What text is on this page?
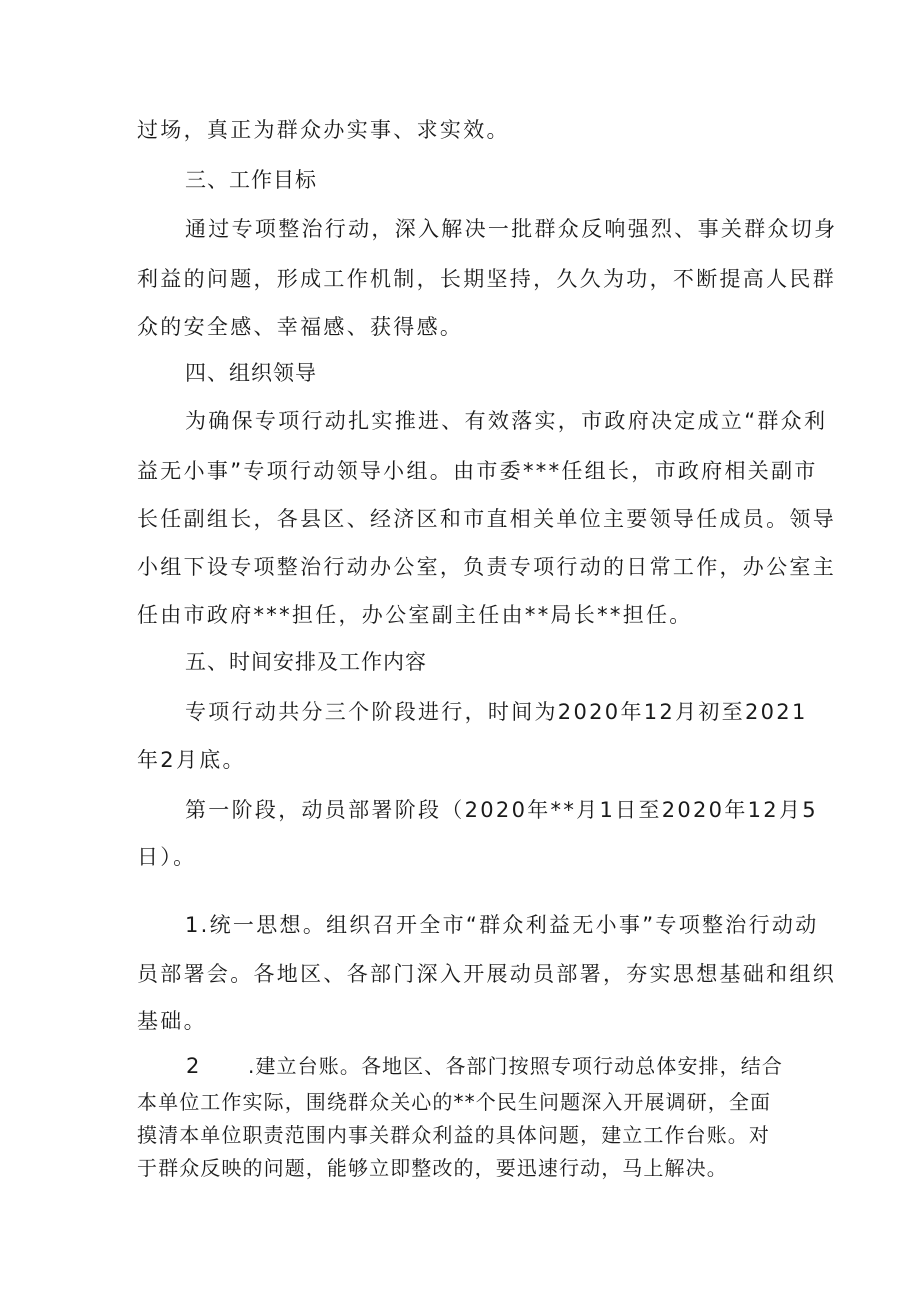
过场，真正为群众办实事、求实效。
三、工作目标
通过专项整治行动，深入解决一批群众反响强烈、事关群众切身
利益的问题，形成工作机制，长期坚持，久久为功，不断提高人民群
众的安全感、幸福感、获得感。
四、组织领导
为确保专项行动扎实推进、有效落实，市政府决定成立“群众利
益无小事”专项行动领导小组。由市委***任组长，市政府相关副市
长任副组长，各县区、经济区和市直相关单位主要领导任成员。领导
小组下设专项整治行动办公室，负责专项行动的日常工作，办公室主
任由市政府***担任，办公室副主任由**局长**担任。
五、时间安排及工作内容
专项行动共分三个阶段进行，时间为2020年12月初至2021
年2月底。
第一阶段，动员部署阶段（2020年**月1日至2020年12月5
日）。
1.统一思想。组织召开全市“群众利益无小事”专项整治行动动
员部署会。各地区、各部门深入开展动员部署，夯实思想基础和组织
基础。
2 .建立台账。各地区、各部门按照专项行动总体安排，结合
本单位工作实际，围绕群众关心的**个民生问题深入开展调研，全面
摸清本单位职责范围内事关群众利益的具体问题，建立工作台账。对
于群众反映的问题，能够立即整改的，要迅速行动，马上解决。
